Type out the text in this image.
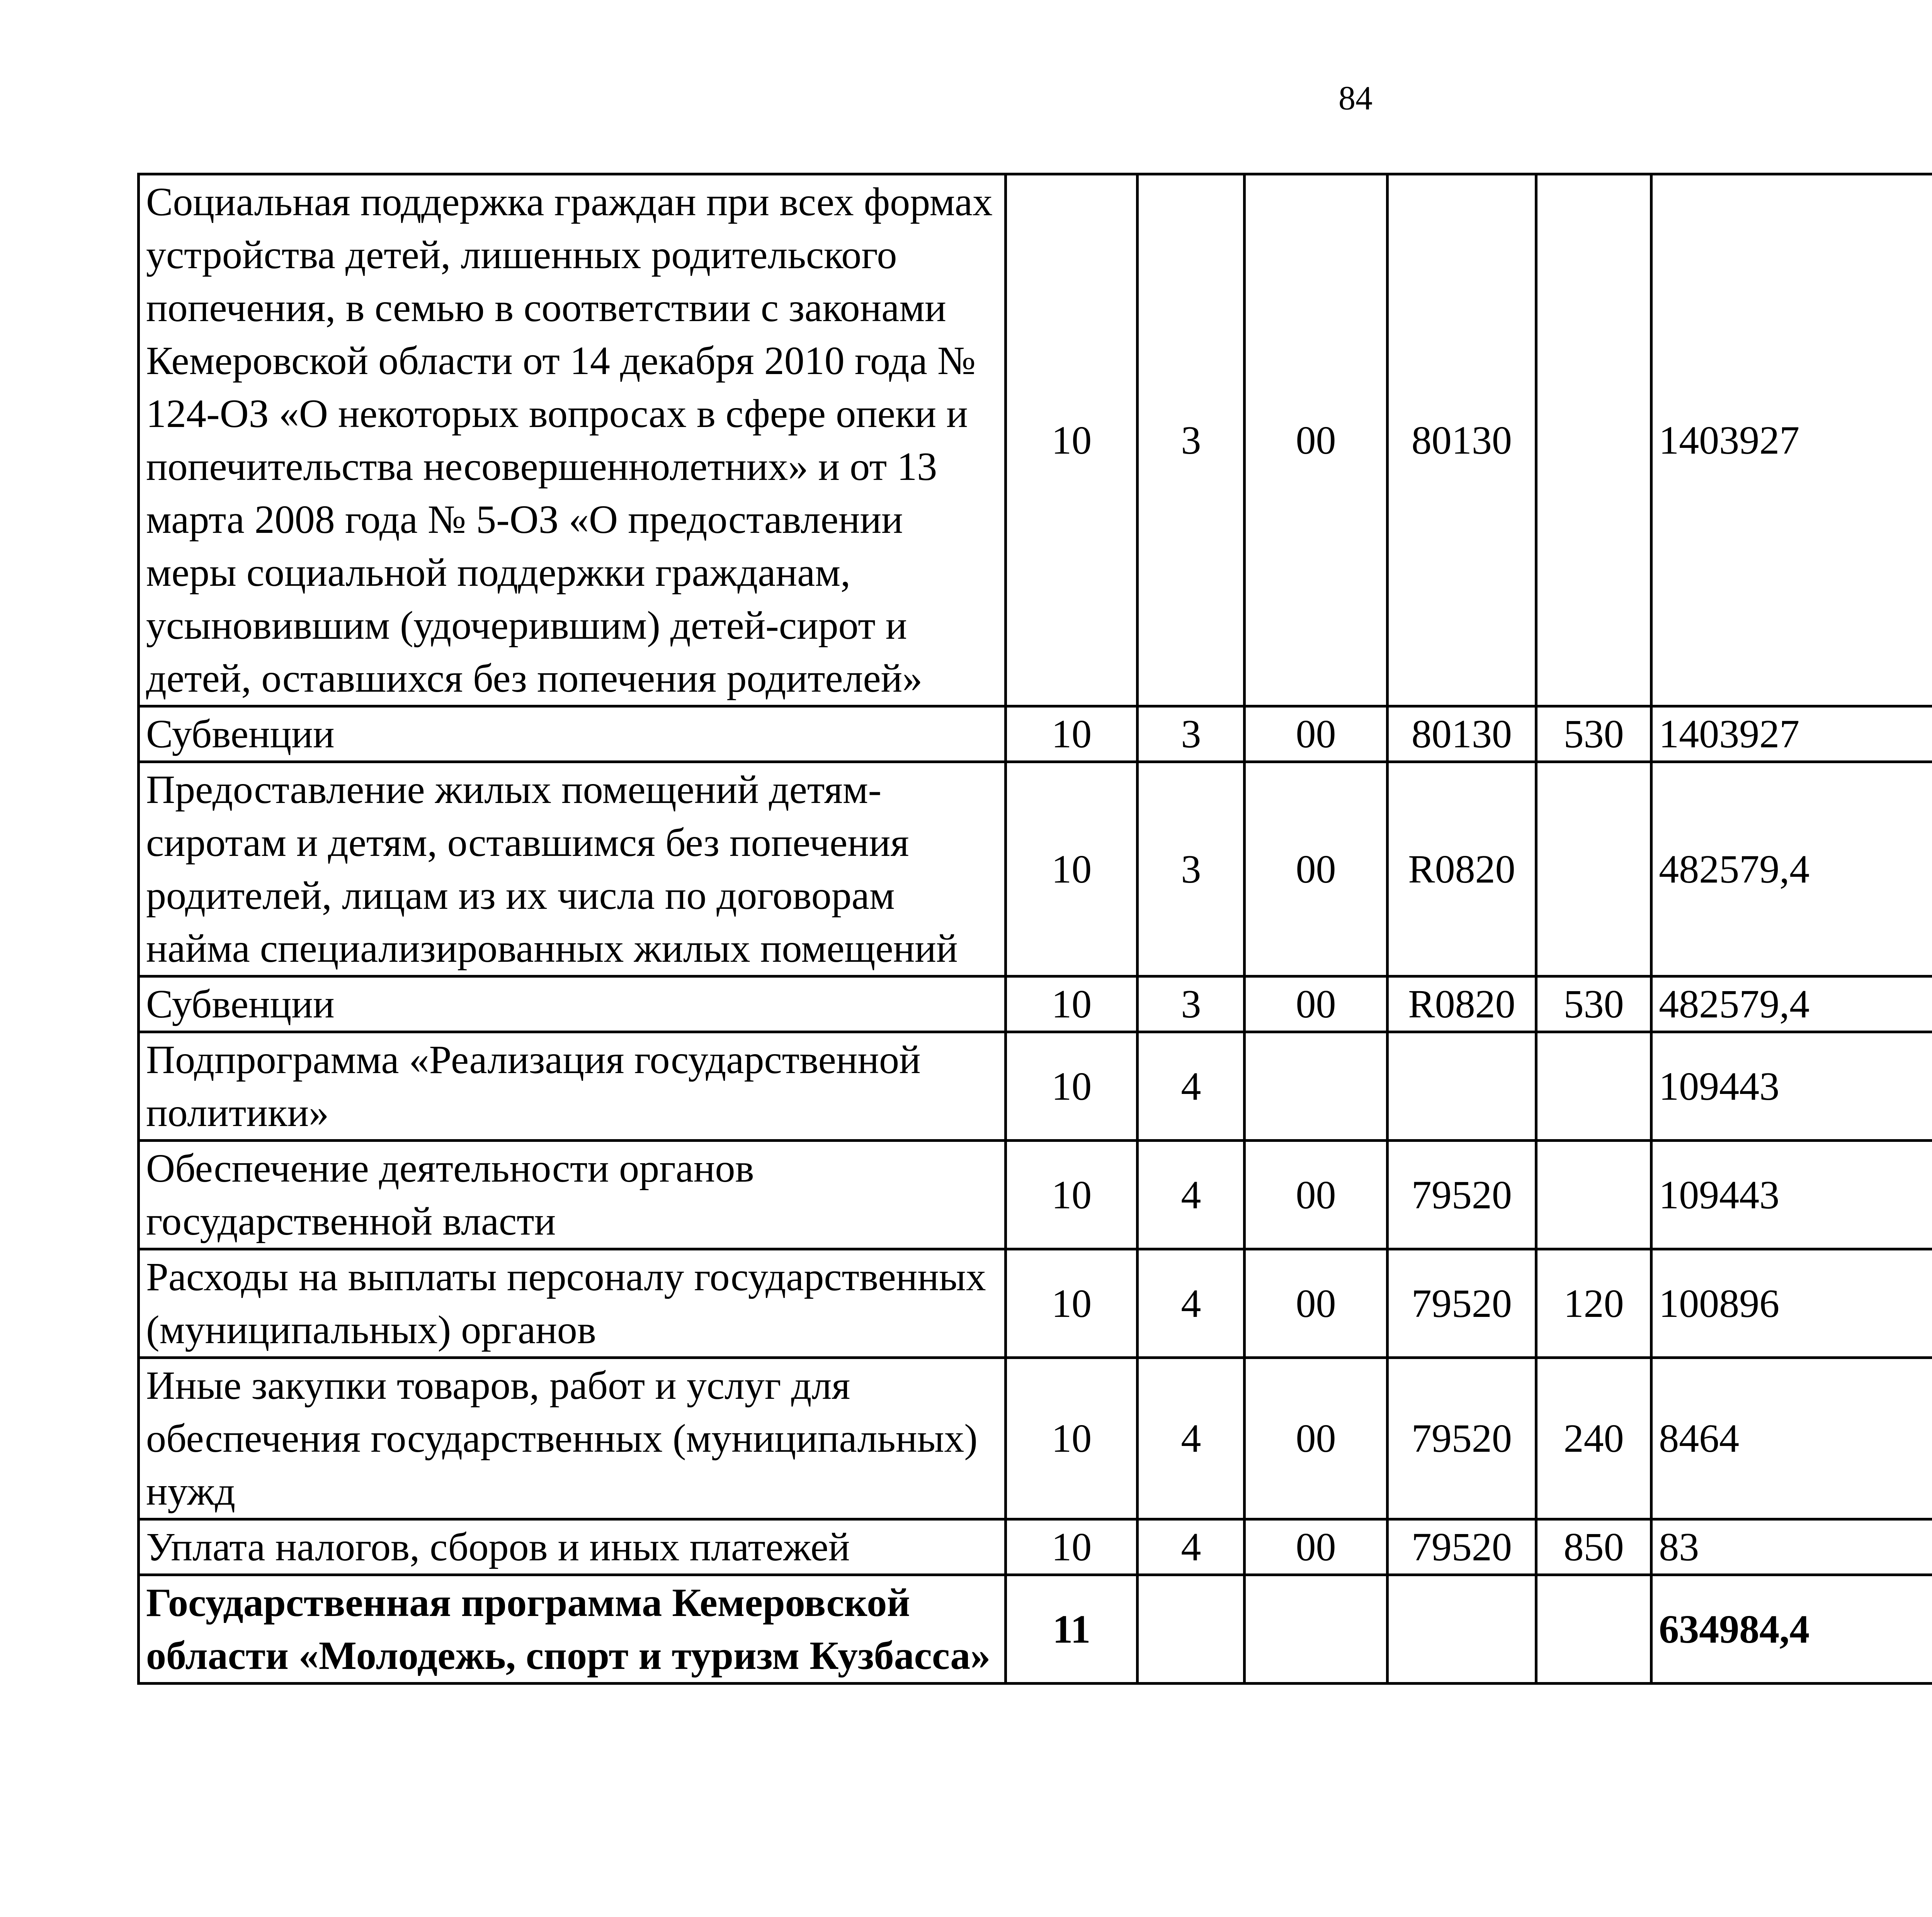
84
Социальная поддержка граждан при всех формах устройства детей, лишенных родительского попечения, в семью в соответствии с законами Кемеровской области от 14 декабря 2010 года № 124-ОЗ «О некоторых вопросах в сфере опеки и попечительства несовершеннолетних» и от 13 марта 2008 года № 5-ОЗ «О предоставлении меры социальной поддержки гражданам, усыновившим (удочерившим) детей-сирот и детей, оставшихся без попечения родителей»	10	3	00	80130		1403927		
Субвенции	10	3	00	80130	530	1403927		
Предоставление жилых помещений детям-сиротам и детям, оставшимся без попечения родителей, лицам из их числа по договорам найма специализированных жилых помещений	10	3	00	R0820		482579,4		
Субвенции	10	3	00	R0820	530	482579,4		
Подпрограмма «Реализация государственной политики»	10	4				109443		
Обеспечение деятельности органов государственной власти	10	4	00	79520		109443		
Расходы на выплаты персоналу государственных (муниципальных) органов	10	4	00	79520	120	100896		
Иные закупки товаров, работ и услуг для обеспечения государственных (муниципальных) нужд	10	4	00	79520	240	8464		
Уплата налогов, сборов и иных платежей	10	4	00	79520	850	83		
Государственная программа Кемеровской области «Молодежь, спорт и туризм Кузбасса»	11					634984,4		
